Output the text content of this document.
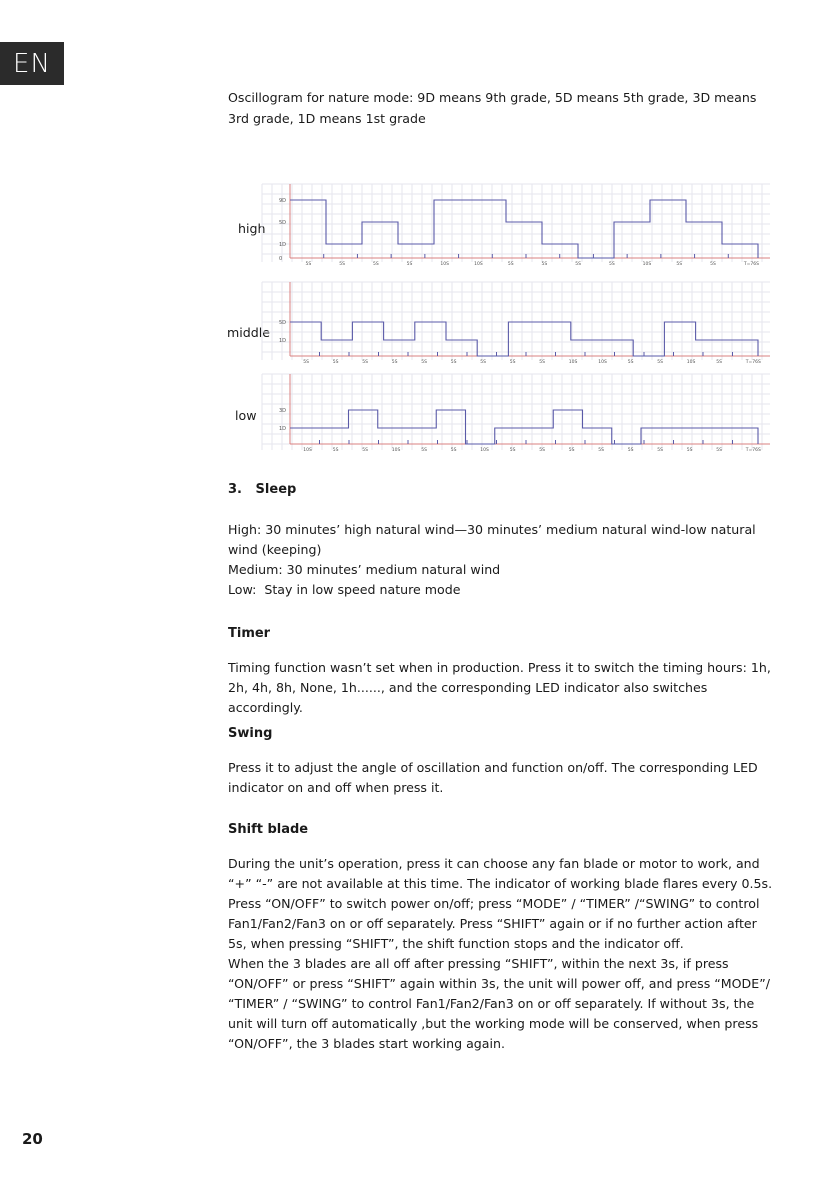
EN
Oscillogram for nature mode: 9D means 9th grade, 5D means 5th grade, 3D means 3rd grade, 1D means 1st grade
high
middle
low
9D
5D
1D
0
5S	5S	5S	5S	10S	10S	5S	5S	5S	5S	10S	5S	5S	T=76S
5D
1D
5S	5S	5S	5S	5S	5S	5S	5S	5S	10S	10S	5S	5S	10S	5S	T=76S
3D
1D
10S	5S	5S	10S	5S	5S	10S	5S	5S	5S	5S	5S	5S	5S	5S	T=76S
3.   Sleep

High: 30 minutes’ high natural wind—30 minutes’ medium natural wind-low natural wind (keeping)

Medium: 30 minutes’ medium natural wind

Low:  Stay in low speed nature mode

Timer

Timing function wasn’t set when in production. Press it to switch the timing hours: 1h, 2h, 4h, 8h, None, 1h......, and the corresponding LED indicator also switches accordingly.

Swing

Press it to adjust the angle of oscillation and function on/off. The corresponding LED indicator on and off when press it.

Shift blade

During the unit’s operation, press it can choose any fan blade or motor to work, and “+” “-” are not available at this time. The indicator of working blade flares every 0.5s. Press “ON/OFF” to switch power on/off; press “MODE” / “TIMER” /“SWING” to control Fan1/Fan2/Fan3 on or off separately. Press “SHIFT” again or if no further action after 5s, when pressing “SHIFT”, the shift function stops and the indicator off.

When the 3 blades are all off after pressing “SHIFT”, within the next 3s, if press “ON/OFF” or press “SHIFT” again within 3s, the unit will power off, and press “MODE”/ “TIMER” / “SWING” to control Fan1/Fan2/Fan3 on or off separately. If without 3s, the unit will turn off automatically ,but the working mode will be conserved, when press “ON/OFF”, the 3 blades start working again.

20
